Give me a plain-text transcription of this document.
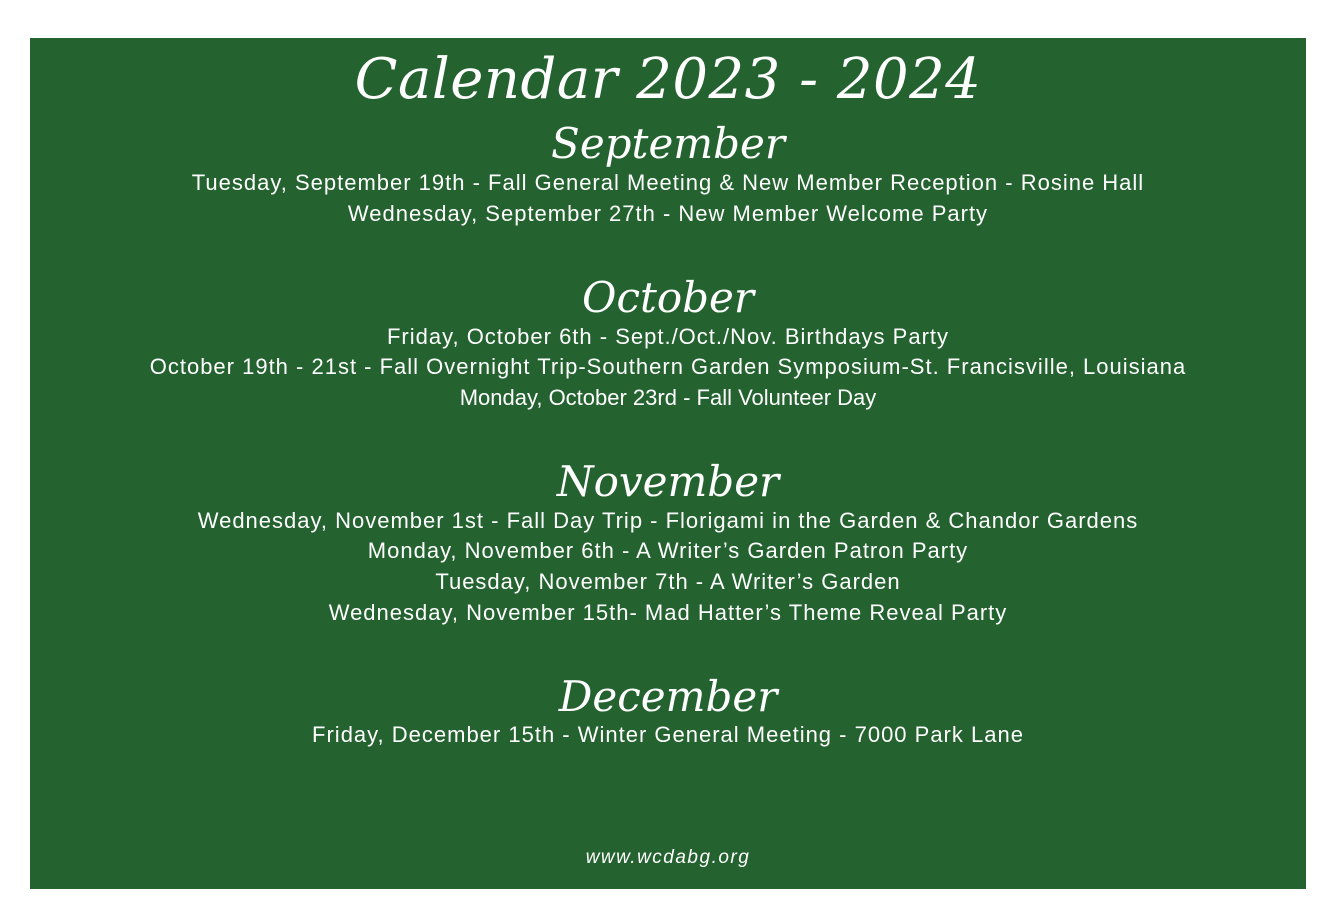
Calendar 2023 - 2024
September
Tuesday, September 19th - Fall General Meeting & New Member Reception - Rosine Hall
Wednesday, September 27th - New Member Welcome Party
October
Friday, October 6th - Sept./Oct./Nov. Birthdays Party
October 19th - 21st - Fall Overnight Trip-Southern Garden Symposium-St. Francisville, Louisiana
Monday, October 23rd - Fall Volunteer Day
November
Wednesday, November 1st - Fall Day Trip - Florigami in the Garden & Chandor Gardens
Monday, November 6th - A Writer’s Garden Patron Party
Tuesday, November 7th - A Writer’s Garden
Wednesday, November 15th- Mad Hatter’s Theme Reveal Party
December
Friday, December 15th - Winter General Meeting - 7000 Park Lane
www.wcdabg.org
